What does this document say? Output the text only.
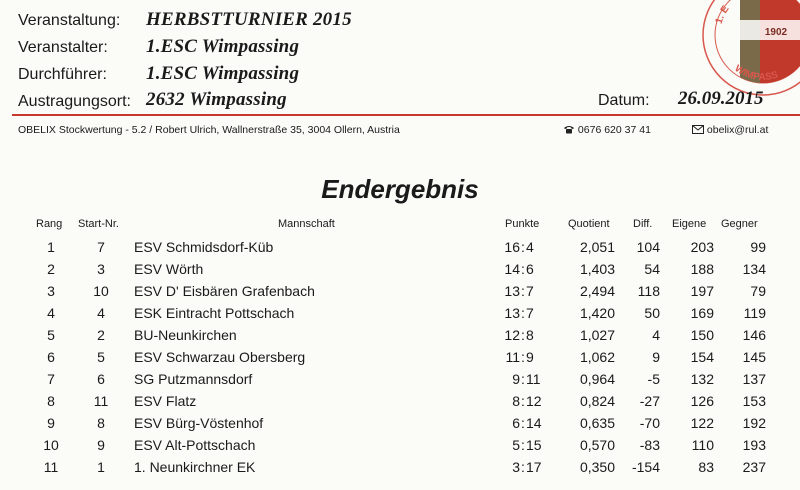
1902
1. E
WIMPASS
Veranstaltung: HERBSTTURNIER 2015
Veranstalter: 1.ESC Wimpassing
Durchführer: 1.ESC Wimpassing
Austragungsort: 2632 Wimpassing	Datum: 26.09.2015
OBELIX Stockwertung - 5.2 / Robert Ulrich, Wallnerstraße 35, 3004 Ollern, Austria	0676 620 37 41	obelix@rul.at
Endergebnis
Rang Start-Nr.	Mannschaft	Punkte	Quotient Diff. Eigene Gegner
1	7	ESV Schmidsdorf-Küb	16 : 4	2,051	104	203	99
2	3	ESV Wörth	14 : 6	1,403	54	188	134
3	10	ESV D' Eisbären Grafenbach	13 : 7	2,494	118	197	79
4	4	ESK Eintracht Pottschach	13 : 7	1,420	50	169	119
5	2	BU-Neunkirchen	12 : 8	1,027	4	150	146
6	5	ESV Schwarzau Obersberg	11 : 9	1,062	9	154	145
7	6	SG Putzmannsdorf	9 : 11	0,964	-5	132	137
8	11	ESV Flatz	8 : 12	0,824	-27	126	153
9	8	ESV Bürg-Vöstenhof	6 : 14	0,635	-70	122	192
10	9	ESV Alt-Pottschach	5 : 15	0,570	-83	110	193
11	1	1. Neunkirchner EK	3 : 17	0,350	-154	83	237
